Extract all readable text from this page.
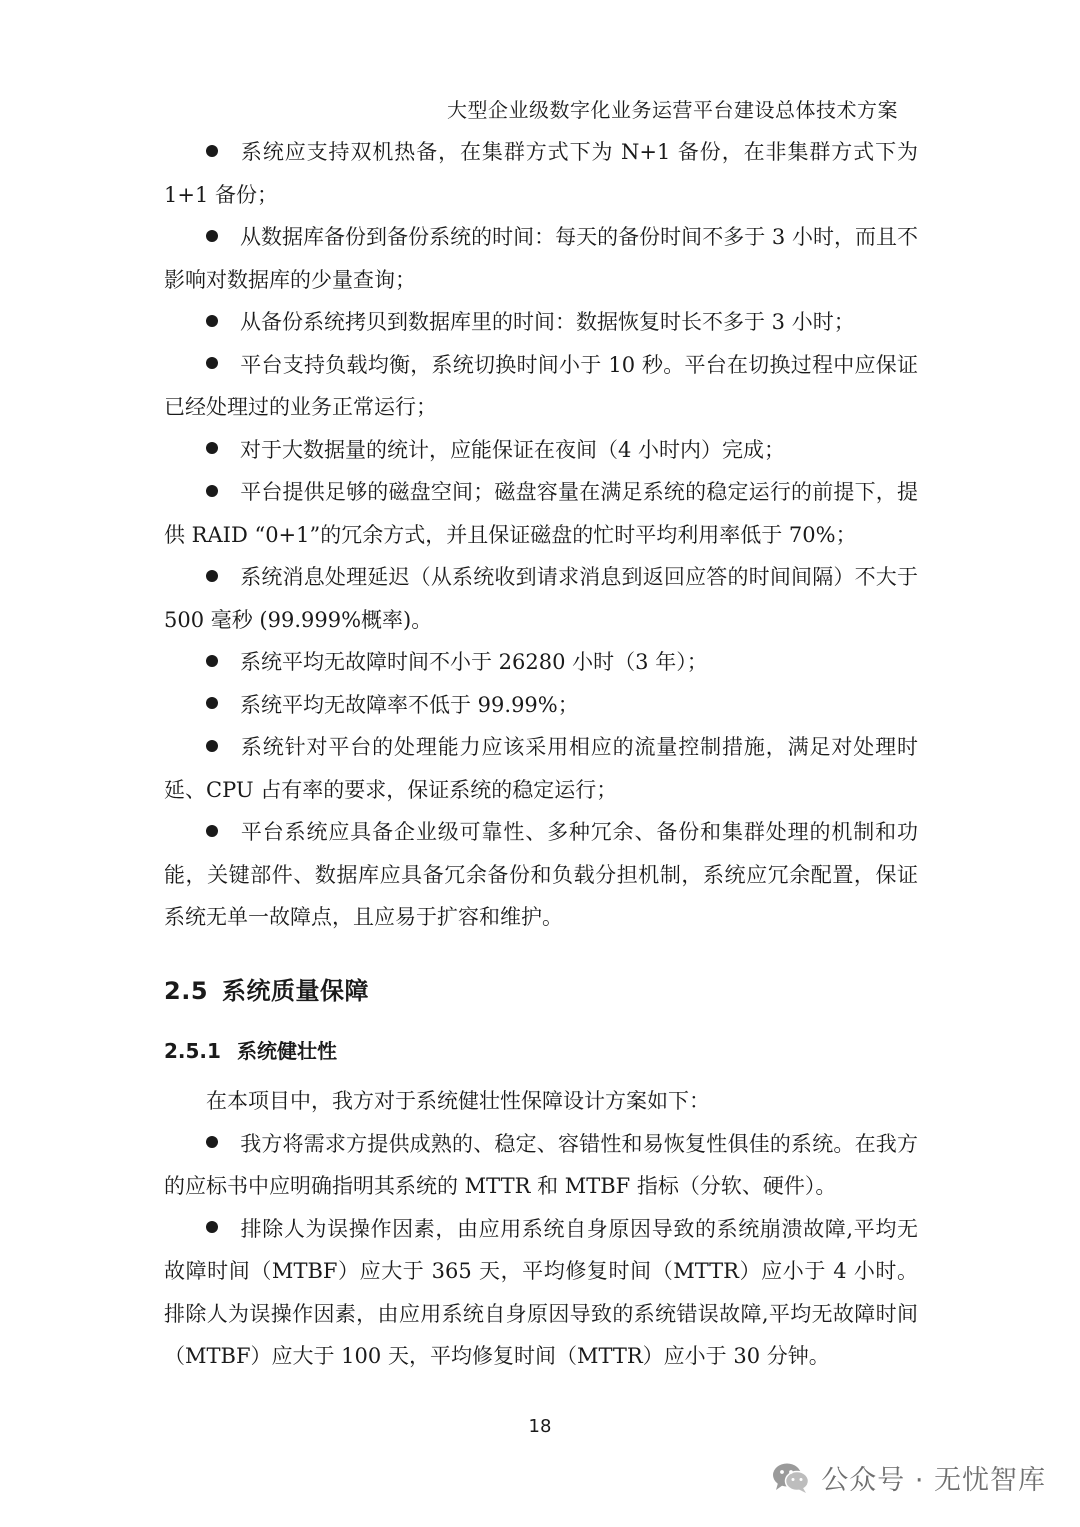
大型企业级数字化业务运营平台建设总体技术方案

系统应支持双机热备，在集群方式下为 N+1 备份，在非集群方式下为 1+1 备份；

从数据库备份到备份系统的时间：每天的备份时间不多于 3 小时，而且不影响对数据库的少量查询；

从备份系统拷贝到数据库里的时间：数据恢复时长不多于 3 小时；

平台支持负载均衡，系统切换时间小于 10 秒。平台在切换过程中应保证已经处理过的业务正常运行；

对于大数据量的统计，应能保证在夜间（4 小时内）完成；

平台提供足够的磁盘空间；磁盘容量在满足系统的稳定运行的前提下，提供 RAID “0+1”的冗余方式，并且保证磁盘的忙时平均利用率低于 70%；

系统消息处理延迟（从系统收到请求消息到返回应答的时间间隔）不大于 500 毫秒 (99.999%概率)。

系统平均无故障时间不小于 26280 小时（3 年）；

系统平均无故障率不低于 99.99%；

系统针对平台的处理能力应该采用相应的流量控制措施，满足对处理时延、CPU 占有率的要求，保证系统的稳定运行；

平台系统应具备企业级可靠性、多种冗余、备份和集群处理的机制和功能，关键部件、数据库应具备冗余备份和负载分担机制，系统应冗余配置，保证系统无单一故障点，且应易于扩容和维护。

2.5 系统质量保障
2.5.1 系统健壮性

在本项目中，我方对于系统健壮性保障设计方案如下：

我方将需求方提供成熟的、稳定、容错性和易恢复性俱佳的系统。在我方的应标书中应明确指明其系统的 MTTR 和 MTBF 指标（分软、硬件）。

排除人为误操作因素，由应用系统自身原因导致的系统崩溃故障,平均无故障时间（MTBF）应大于 365 天，平均修复时间（MTTR）应小于 4 小时。排除人为误操作因素，由应用系统自身原因导致的系统错误故障,平均无故障时间（MTBF）应大于 100 天，平均修复时间（MTTR）应小于 30 分钟。

18
公众号 · 无忧智库
